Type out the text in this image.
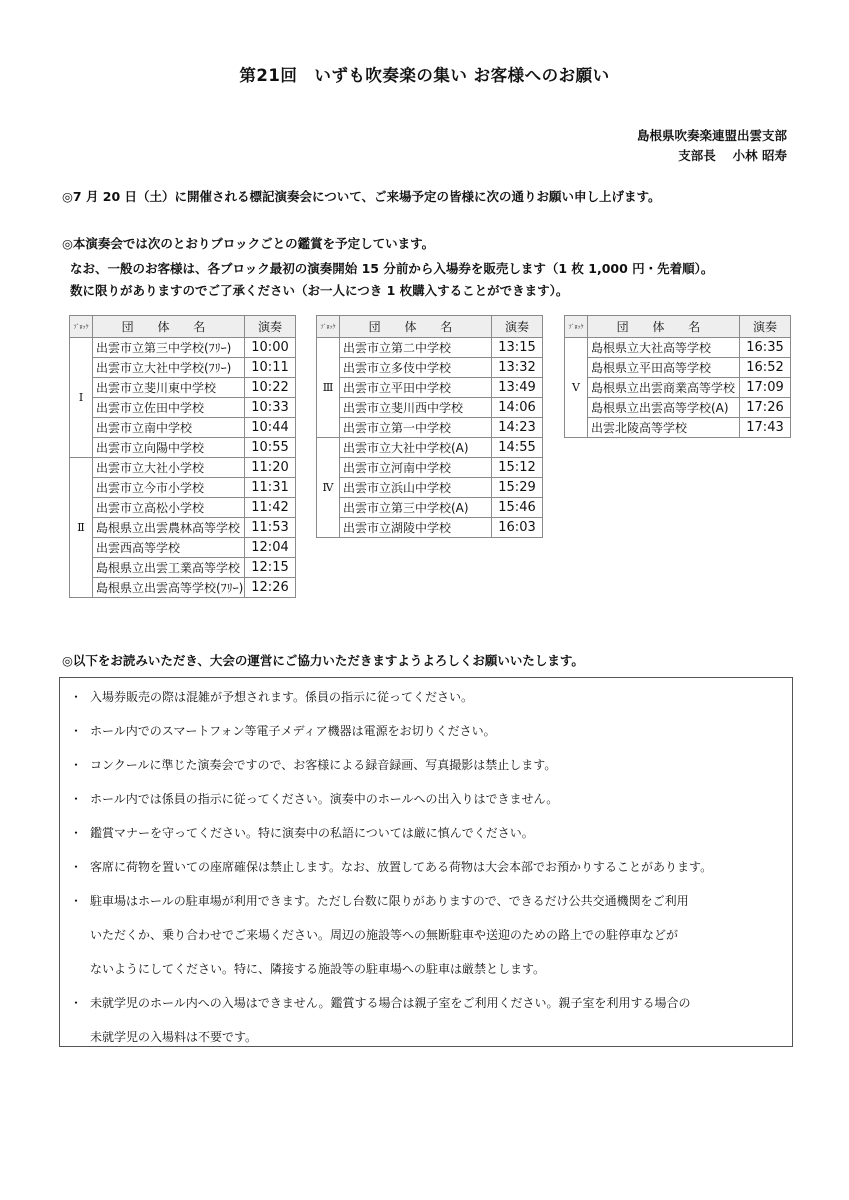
第21回　いずも吹奏楽の集い お客様へのお願い
島根県吹奏楽連盟出雲支部
支部長　 小林 昭寿
◎7 月 20 日（土）に開催される標記演奏会について、ご来場予定の皆様に次の通りお願い申し上げます。
◎本演奏会では次のとおりブロックごとの鑑賞を予定しています。
なお、一般のお客様は、各ブロック最初の演奏開始 15 分前から入場券を販売します（1 枚 1,000 円・先着順）。
数に限りがありますのでご了承ください（お一人につき 1 枚購入することができます）。
ﾌﾞﾛｯｸ	団 体 名	演奏
Ⅰ	出雲市立第三中学校(ﾌﾘｰ)	10:00
	出雲市立大社中学校(ﾌﾘｰ)	10:11
	出雲市立斐川東中学校	10:22
	出雲市立佐田中学校	10:33
	出雲市立南中学校	10:44
	出雲市立向陽中学校	10:55
Ⅱ	出雲市立大社小学校	11:20
	出雲市立今市小学校	11:31
	出雲市立高松小学校	11:42
	島根県立出雲農林高等学校	11:53
	出雲西高等学校	12:04
	島根県立出雲工業高等学校	12:15
	島根県立出雲高等学校(ﾌﾘｰ)	12:26
ﾌﾞﾛｯｸ	団 体 名	演奏
Ⅲ	出雲市立第二中学校	13:15
	出雲市立多伎中学校	13:32
	出雲市立平田中学校	13:49
	出雲市立斐川西中学校	14:06
	出雲市立第一中学校	14:23
Ⅳ	出雲市立大社中学校(A)	14:55
	出雲市立河南中学校	15:12
	出雲市立浜山中学校	15:29
	出雲市立第三中学校(A)	15:46
	出雲市立湖陵中学校	16:03
ﾌﾞﾛｯｸ	団 体 名	演奏
Ⅴ	島根県立大社高等学校	16:35
	島根県立平田高等学校	16:52
	島根県立出雲商業高等学校	17:09
	島根県立出雲高等学校(A)	17:26
	出雲北陵高等学校	17:43
◎以下をお読みいただき、大会の運営にご協力いただきますようよろしくお願いいたします。
・ 入場券販売の際は混雑が予想されます。係員の指示に従ってください。
・ ホール内でのスマートフォン等電子メディア機器は電源をお切りください。
・ コンクールに準じた演奏会ですので、お客様による録音録画、写真撮影は禁止します。
・ ホール内では係員の指示に従ってください。演奏中のホールへの出入りはできません。
・ 鑑賞マナーを守ってください。特に演奏中の私語については厳に慎んでください。
・ 客席に荷物を置いての座席確保は禁止します。なお、放置してある荷物は大会本部でお預かりすることがあります。
・ 駐車場はホールの駐車場が利用できます。ただし台数に限りがありますので、できるだけ公共交通機関をご利用
いただくか、乗り合わせでご来場ください。周辺の施設等への無断駐車や送迎のための路上での駐停車などが
ないようにしてください。特に、隣接する施設等の駐車場への駐車は厳禁とします。
・ 未就学児のホール内への入場はできません。鑑賞する場合は親子室をご利用ください。親子室を利用する場合の
未就学児の入場料は不要です。
